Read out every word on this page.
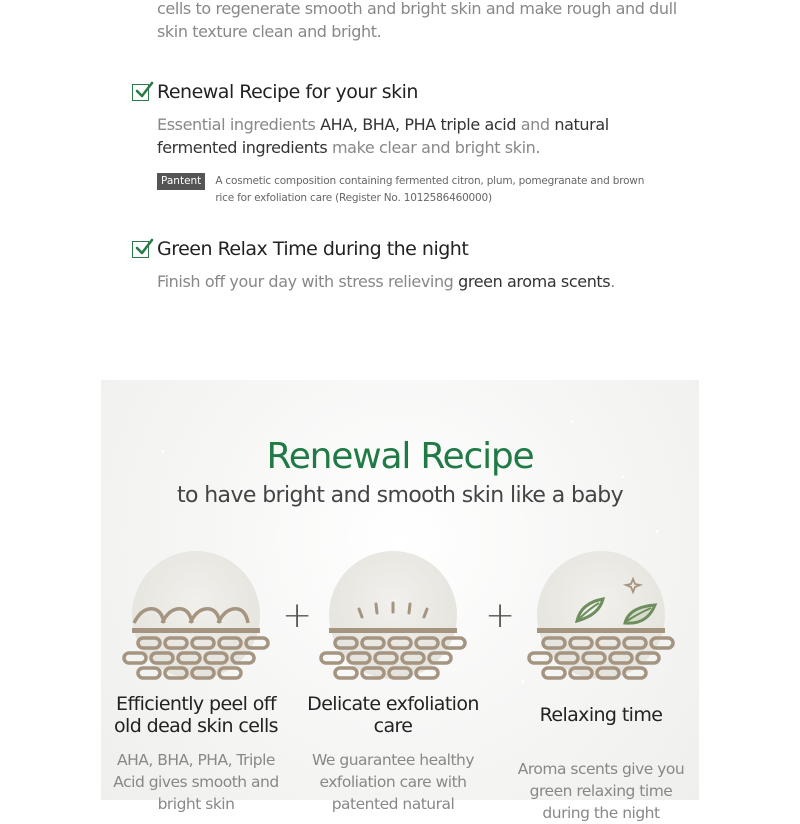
cells to regenerate smooth and bright skin and make rough and dull skin texture clean and bright.
Renewal Recipe for your skin
Essential ingredients AHA, BHA, PHA triple acid and natural fermented ingredients make clear and bright skin.
Pantent	A cosmetic composition containing fermented citron, plum, pomegranate and brown rice for exfoliation care (Register No. 1012586460000)
Green Relax Time during the night
Finish off your day with stress relieving green aroma scents.
Renewal Recipe
to have bright and smooth skin like a baby
Efficiently peel off old dead skin cells
AHA, BHA, PHA, Triple Acid gives smooth and bright skin
+
Delicate exfoliation care
We guarantee healthy exfoliation care with patented natural
+
Relaxing time
Aroma scents give you green relaxing time during the night
